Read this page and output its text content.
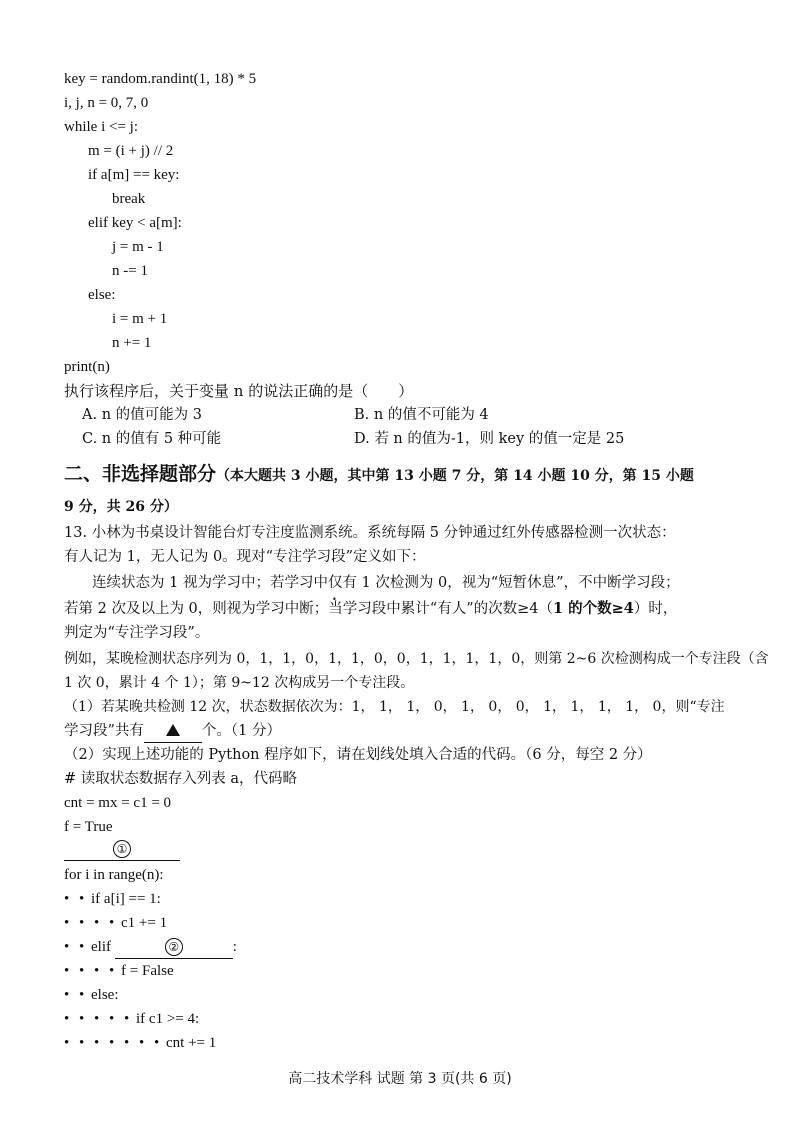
key = random.randint(1, 18) * 5
i, j, n = 0, 7, 0
while i <= j:
m = (i + j) // 2
if a[m] == key:
break
elif key < a[m]:
j = m - 1
n -= 1
else:
i = m + 1
n += 1
print(n)
执行该程序后，关于变量 n 的说法正确的是（　　）
A. n 的值可能为 3	B. n 的值不可能为 4
C. n 的值有 5 种可能	D. 若 n 的值为-1，则 key 的值一定是 25
二、非选择题部分（本大题共 3 小题，其中第 13 小题 7 分，第 14 小题 10 分，第 15 小题
9 分，共 26 分）
13. 小林为书桌设计智能台灯专注度监测系统。系统每隔 5 分钟通过红外传感器检测一次状态：
有人记为 1，无人记为 0。现对“专注学习段”定义如下：
连续状态为 1 视为学习中；若学习中仅有 1 次 • 检测为 0，视为“短暂休息”，不中断学习段；
若第 2 次及以上为 0，则视为学习中断；当学习段中累计“有人”的次数≥4（1 的个数≥4）时，
判定为“专注学习段”。
例如，某晚检测状态序列为 0，1，1，0，1，1，0，0，1，1，1，1，0，则第 2~6 次检测构成一个专注段（含
1 次 0，累计 4 个 1）；第 9~12 次构成另一个专注段。
（1）若某晚共检测 12 次，状态数据依次为：1， 1， 1， 0， 1， 0， 0， 1， 1， 1， 1， 0，则“专注
学习段”共有	个。（1 分）
（2）实现上述功能的 Python 程序如下，请在划线处填入合适的代码。（6 分，每空 2 分）
# 读取状态数据存入列表 a，代码略
cnt = mx = c1 = 0
f = True
①
for i in range(n):
• • if a[i] == 1:
• • • • c1 += 1
• • elif	②	:
• • • • f = False
• • else:
• • • • • if c1 >= 4:
• • • • • • • cnt += 1
高二技术学科 试题 第 3 页(共 6 页)
